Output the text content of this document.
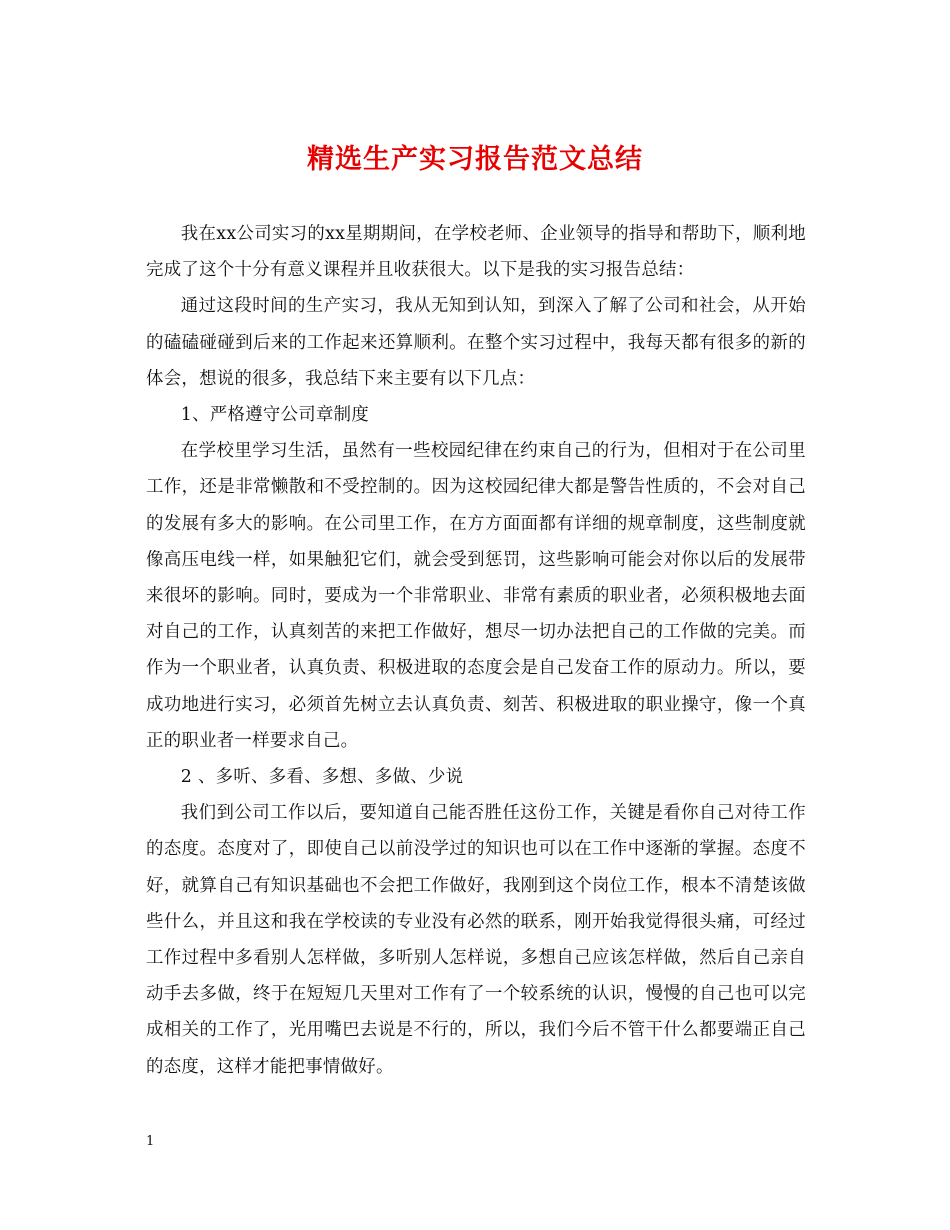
精选生产实习报告范文总结

我在xx公司实习的xx星期期间，在学校老师、企业领导的指导和帮助下，顺利地完成了这个十分有意义课程并且收获很大。以下是我的实习报告总结：

通过这段时间的生产实习，我从无知到认知，到深入了解了公司和社会，从开始的磕磕碰碰到后来的工作起来还算顺利。在整个实习过程中，我每天都有很多的新的体会，想说的很多，我总结下来主要有以下几点：

1、严格遵守公司章制度

在学校里学习生活，虽然有一些校园纪律在约束自己的行为，但相对于在公司里工作，还是非常懒散和不受控制的。因为这校园纪律大都是警告性质的，不会对自己的发展有多大的影响。在公司里工作，在方方面面都有详细的规章制度，这些制度就像高压电线一样，如果触犯它们，就会受到惩罚，这些影响可能会对你以后的发展带来很坏的影响。同时，要成为一个非常职业、非常有素质的职业者，必须积极地去面对自己的工作，认真刻苦的来把工作做好，想尽一切办法把自己的工作做的完美。而作为一个职业者，认真负责、积极进取的态度会是自己发奋工作的原动力。所以，要成功地进行实习，必须首先树立去认真负责、刻苦、积极进取的职业操守，像一个真正的职业者一样要求自己。

2 、多听、多看、多想、多做、少说

我们到公司工作以后，要知道自己能否胜任这份工作，关键是看你自己对待工作的态度。态度对了，即使自己以前没学过的知识也可以在工作中逐渐的掌握。态度不好，就算自己有知识基础也不会把工作做好，我刚到这个岗位工作，根本不清楚该做些什么，并且这和我在学校读的专业没有必然的联系，刚开始我觉得很头痛，可经过工作过程中多看别人怎样做，多听别人怎样说，多想自己应该怎样做，然后自己亲自动手去多做，终于在短短几天里对工作有了一个较系统的认识，慢慢的自己也可以完成相关的工作了，光用嘴巴去说是不行的，所以，我们今后不管干什么都要端正自己的态度，这样才能把事情做好。

1
